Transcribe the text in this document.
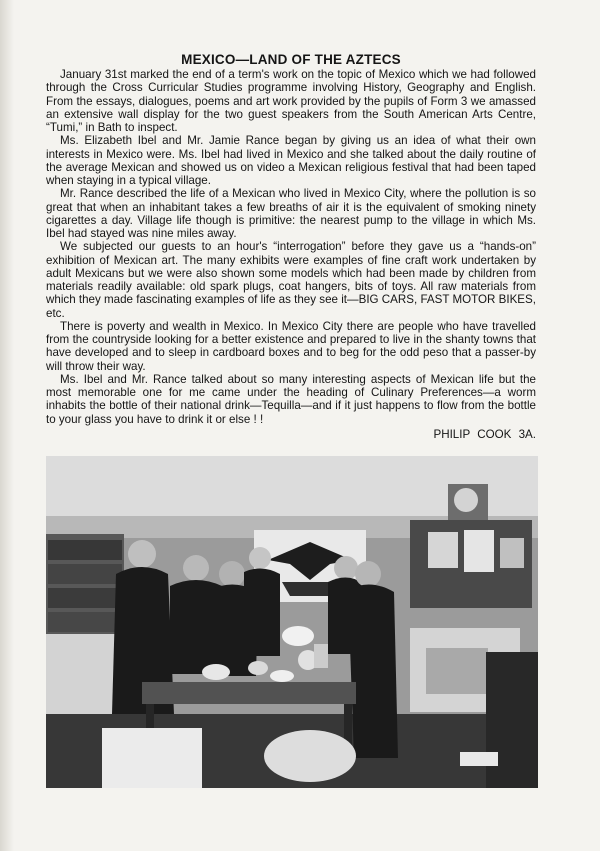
MEXICO—LAND OF THE AZTECS

January 31st marked the end of a term's work on the topic of Mexico which we had followed through the Cross Curricular Studies programme involving History, Geography and English. From the essays, dialogues, poems and art work provided by the pupils of Form 3 we amassed an extensive wall display for the two guest speakers from the South American Arts Centre, “Tumi,” in Bath to inspect.

Ms. Elizabeth Ibel and Mr. Jamie Rance began by giving us an idea of what their own interests in Mexico were. Ms. Ibel had lived in Mexico and she talked about the daily routine of the average Mexican and showed us on video a Mexican religious festival that had been taped when staying in a typical village.

Mr. Rance described the life of a Mexican who lived in Mexico City, where the pollution is so great that when an inhabitant takes a few breaths of air it is the equivalent of smoking ninety cigarettes a day. Village life though is primitive: the nearest pump to the village in which Ms. Ibel had stayed was nine miles away.

We subjected our guests to an hour's “interrogation” before they gave us a “hands-on” exhibition of Mexican art. The many exhibits were examples of fine craft work undertaken by adult Mexicans but we were also shown some models which had been made by children from materials readily available: old spark plugs, coat hangers, bits of toys. All raw materials from which they made fascinating examples of life as they see it—BIG CARS, FAST MOTOR BIKES, etc.

There is poverty and wealth in Mexico. In Mexico City there are people who have travelled from the countryside looking for a better existence and prepared to live in the shanty towns that have developed and to sleep in cardboard boxes and to beg for the odd peso that a passer-by will throw their way.

Ms. Ibel and Mr. Rance talked about so many interesting aspects of Mexican life but the most memorable one for me came under the heading of Culinary Preferences—a worm inhabits the bottle of their national drink—Tequilla—and if it just happens to flow from the bottle to your glass you have to drink it or else ! !

PHILIP COOK 3A.
